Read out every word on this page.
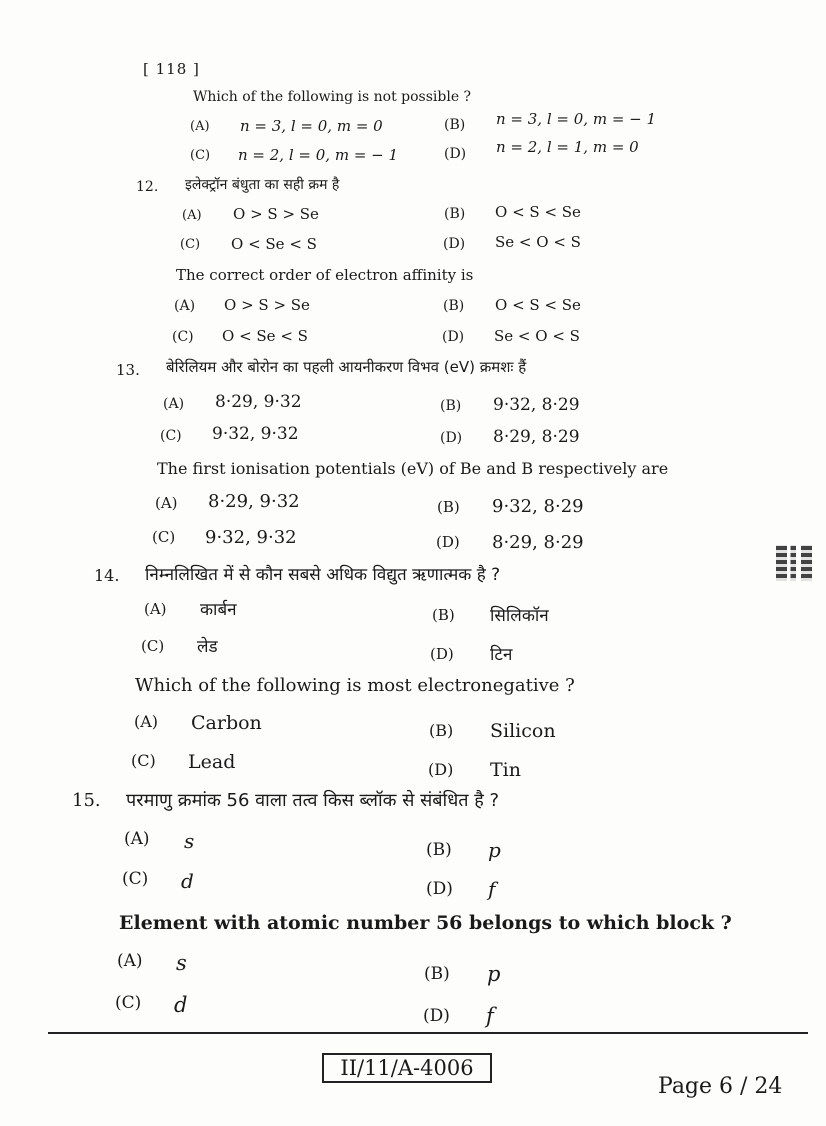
[ 118 ]
Which of the following is not possible ?
(A) n = 3, l = 0, m = 0	(B) n = 3, l = 0, m = − 1
(C) n = 2, l = 0, m = − 1	(D) n = 2, l = 1, m = 0
12. इलेक्ट्रॉन बंधुता का सही क्रम है
(A) O > S > Se	(B) O < S < Se
(C) O < Se < S	(D) Se < O < S
The correct order of electron affinity is
(A) O > S > Se	(B) O < S < Se
(C) O < Se < S	(D) Se < O < S
13. बेरिलियम और बोरोन का पहली आयनीकरण विभव (eV) क्रमशः हैं
(A) 8·29, 9·32	(B) 9·32, 8·29
(C) 9·32, 9·32	(D) 8·29, 8·29
The first ionisation potentials (eV) of Be and B respectively are
(A) 8·29, 9·32	(B) 9·32, 8·29
(C) 9·32, 9·32	(D) 8·29, 8·29
14. निम्नलिखित में से कौन सबसे अधिक विद्युत ऋणात्मक है ?
(A) कार्बन	(B) सिलिकॉन
(C) लेड	(D) टिन
Which of the following is most electronegative ?
(A) Carbon	(B) Silicon
(C) Lead	(D) Tin
15. परमाणु क्रमांक 56 वाला तत्व किस ब्लॉक से संबंधित है ?
(A) s	(B) p
(C) d	(D) f
Element with atomic number 56 belongs to which block ?
(A) s	(B) p
(C) d	(D) f
II/11/A-4006
Page 6 / 24
